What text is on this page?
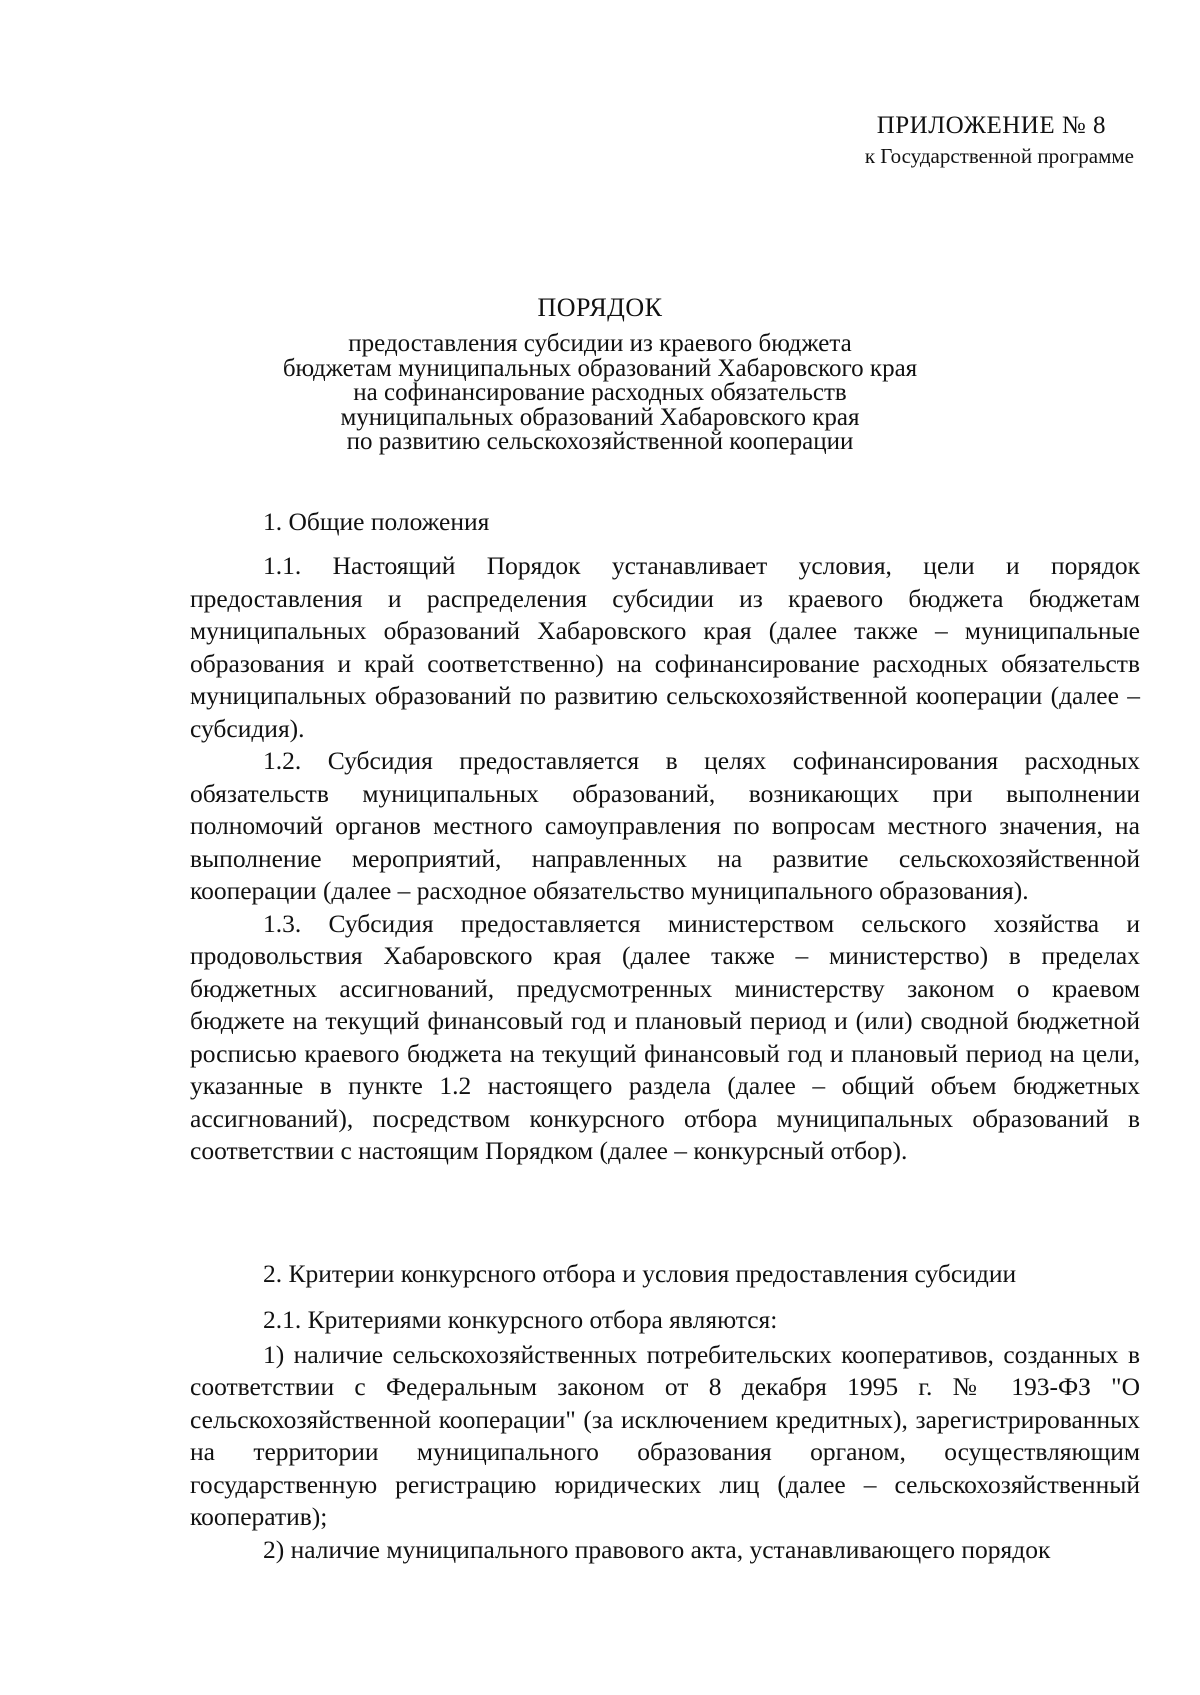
ПРИЛОЖЕНИЕ № 8
к Государственной программе
ПОРЯДОК
предоставления субсидии из краевого бюджета
бюджетам муниципальных образований Хабаровского края
на софинансирование расходных обязательств
муниципальных образований Хабаровского края
по развитию сельскохозяйственной кооперации

1. Общие положения

1.1. Настоящий Порядок устанавливает условия, цели и порядок предоставления и распределения субсидии из краевого бюджета бюджетам муниципальных образований Хабаровского края (далее также – муниципальные образования и край соответственно) на софинансирование расходных обязательств муниципальных образований по развитию сельскохозяйственной кооперации (далее – субсидия).

1.2. Субсидия предоставляется в целях софинансирования расходных обязательств муниципальных образований, возникающих при выполнении полномочий органов местного самоуправления по вопросам местного значения, на выполнение мероприятий, направленных на развитие сельскохозяйственной кооперации (далее – расходное обязательство муниципального образования).

1.3. Субсидия предоставляется министерством сельского хозяйства и продовольствия Хабаровского края (далее также – министерство) в пределах бюджетных ассигнований, предусмотренных министерству законом о краевом бюджете на текущий финансовый год и плановый период и (или) сводной бюджетной росписью краевого бюджета на текущий финансовый год и плановый период на цели, указанные в пункте 1.2 настоящего раздела (далее – общий объем бюджетных ассигнований), посредством конкурсного отбора муниципальных образований в соответствии с настоящим Порядком (далее – конкурсный отбор).

2. Критерии конкурсного отбора и условия предоставления субсидии

2.1. Критериями конкурсного отбора являются:

1) наличие сельскохозяйственных потребительских кооперативов, созданных в соответствии с Федеральным законом от 8 декабря 1995 г. № 193-ФЗ "О сельскохозяйственной кооперации" (за исключением кредитных), зарегистрированных на территории муниципального образования органом, осуществляющим государственную регистрацию юридических лиц (далее – сельскохозяйственный кооператив);

2) наличие муниципального правового акта, устанавливающего порядок
